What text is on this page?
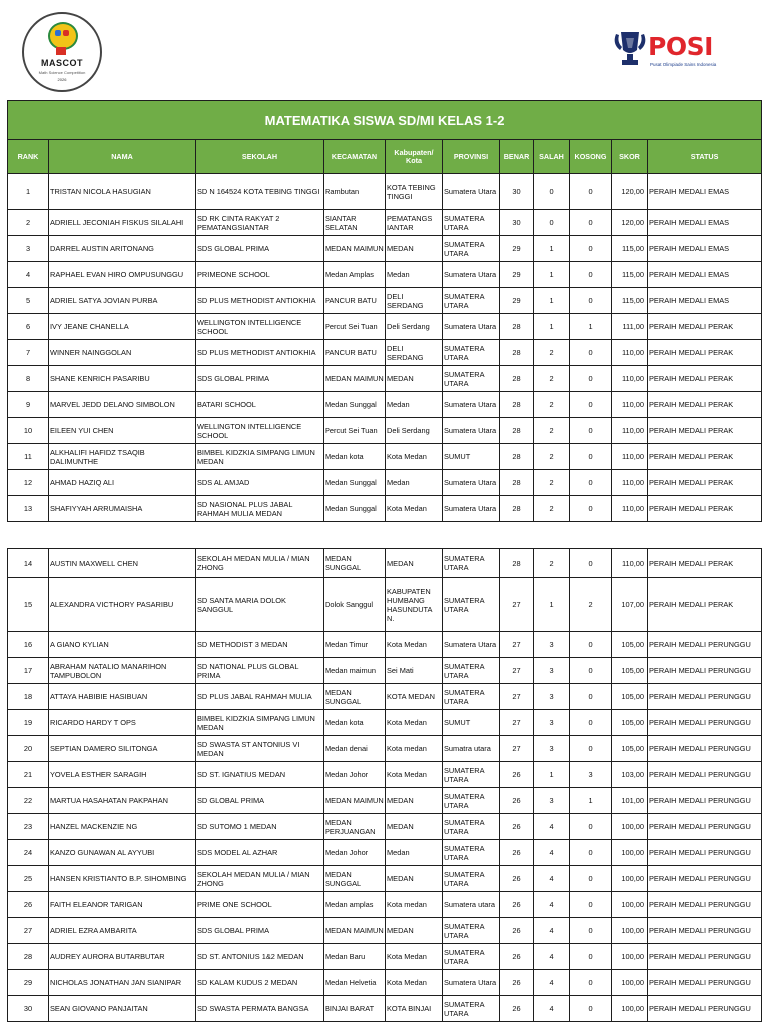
MASCOT
Math Science Competition
2026
POSI
Pusat Olimpiade Sains Indonesia
MATEMATIKA SISWA SD/MI KELAS 1-2										
RANK	NAMA	SEKOLAH	KECAMATAN	Kabupaten/ Kota	PROVINSI	BENAR	SALAH	KOSONG	SKOR	STATUS
1	TRISTAN NICOLA HASUGIAN	SD N 164524 KOTA TEBING TINGGI	Rambutan	KOTA TEBING TINGGI	Sumatera Utara	30	0	0	120,00	PERAIH MEDALI EMAS
2	ADRIELL JECONIAH FISKUS SILALAHI	SD RK CINTA RAKYAT 2 PEMATANGSIANTAR	SIANTAR SELATAN	PEMATANGS IANTAR	SUMATERA UTARA	30	0	0	120,00	PERAIH MEDALI EMAS
3	DARREL AUSTIN ARITONANG	SDS GLOBAL PRIMA	MEDAN MAIMUN	MEDAN	SUMATERA UTARA	29	1	0	115,00	PERAIH MEDALI EMAS
4	RAPHAEL EVAN HIRO OMPUSUNGGU	PRIMEONE SCHOOL	Medan Amplas	Medan	Sumatera Utara	29	1	0	115,00	PERAIH MEDALI EMAS
5	ADRIEL SATYA JOVIAN PURBA	SD PLUS METHODIST ANTIOKHIA	PANCUR BATU	DELI SERDANG	SUMATERA UTARA	29	1	0	115,00	PERAIH MEDALI EMAS
6	IVY JEANE CHANELLA	WELLINGTON INTELLIGENCE SCHOOL	Percut Sei Tuan	Deli Serdang	Sumatera Utara	28	1	1	111,00	PERAIH MEDALI PERAK
7	WINNER NAINGGOLAN	SD PLUS METHODIST ANTIOKHIA	PANCUR BATU	DELI SERDANG	SUMATERA UTARA	28	2	0	110,00	PERAIH MEDALI PERAK
8	SHANE KENRICH PASARIBU	SDS GLOBAL PRIMA	MEDAN MAIMUN	MEDAN	SUMATERA UTARA	28	2	0	110,00	PERAIH MEDALI PERAK
9	MARVEL JEDD DELANO SIMBOLON	BATARI SCHOOL	Medan Sunggal	Medan	Sumatera Utara	28	2	0	110,00	PERAIH MEDALI PERAK
10	EILEEN YUI CHEN	WELLINGTON INTELLIGENCE SCHOOL	Percut Sei Tuan	Deli Serdang	Sumatera Utara	28	2	0	110,00	PERAIH MEDALI PERAK
11	ALKHALIFI HAFIDZ TSAQIB DALIMUNTHE	BIMBEL KIDZKIA SIMPANG LIMUN MEDAN	Medan kota	Kota Medan	SUMUT	28	2	0	110,00	PERAIH MEDALI PERAK
12	AHMAD HAZIQ ALI	SDS AL AMJAD	Medan Sunggal	Medan	Sumatera Utara	28	2	0	110,00	PERAIH MEDALI PERAK
13	SHAFIYYAH ARRUMAISHA	SD NASIONAL PLUS JABAL RAHMAH MULIA MEDAN	Medan Sunggal	Kota Medan	Sumatera Utara	28	2	0	110,00	PERAIH MEDALI PERAK
14	AUSTIN MAXWELL CHEN	SEKOLAH MEDAN MULIA / MIAN ZHONG	MEDAN SUNGGAL	MEDAN	SUMATERA UTARA	28	2	0	110,00	PERAIH MEDALI PERAK
15	ALEXANDRA VICTHORY PASARIBU	SD SANTA MARIA DOLOK SANGGUL	Dolok Sanggul	KABUPATEN HUMBANG HASUNDUTA N.	SUMATERA UTARA	27	1	2	107,00	PERAIH MEDALI PERAK
16	A GIANO KYLIAN	SD METHODIST 3 MEDAN	Medan Timur	Kota Medan	Sumatera Utara	27	3	0	105,00	PERAIH MEDALI PERUNGGU
17	ABRAHAM NATALIO MANARIHON TAMPUBOLON	SD NATIONAL PLUS GLOBAL PRIMA	Medan maimun	Sei Mati	SUMATERA UTARA	27	3	0	105,00	PERAIH MEDALI PERUNGGU
18	ATTAYA HABIBIE HASIBUAN	SD PLUS JABAL RAHMAH MULIA	MEDAN SUNGGAL	KOTA MEDAN	SUMATERA UTARA	27	3	0	105,00	PERAIH MEDALI PERUNGGU
19	RICARDO HARDY T OPS	BIMBEL KIDZKIA SIMPANG LIMUN MEDAN	Medan kota	Kota Medan	SUMUT	27	3	0	105,00	PERAIH MEDALI PERUNGGU
20	SEPTIAN DAMERO SILITONGA	SD SWASTA ST ANTONIUS VI MEDAN	Medan denai	Kota medan	Sumatra utara	27	3	0	105,00	PERAIH MEDALI PERUNGGU
21	YOVELA ESTHER SARAGIH	SD ST. IGNATIUS MEDAN	Medan Johor	Kota Medan	SUMATERA UTARA	26	1	3	103,00	PERAIH MEDALI PERUNGGU
22	MARTUA HASAHATAN PAKPAHAN	SD GLOBAL PRIMA	MEDAN MAIMUN	MEDAN	SUMATERA UTARA	26	3	1	101,00	PERAIH MEDALI PERUNGGU
23	HANZEL MACKENZIE NG	SD SUTOMO 1 MEDAN	MEDAN PERJUANGAN	MEDAN	SUMATERA UTARA	26	4	0	100,00	PERAIH MEDALI PERUNGGU
24	KANZO GUNAWAN AL AYYUBI	SDS MODEL AL AZHAR	Medan Johor	Medan	SUMATERA UTARA	26	4	0	100,00	PERAIH MEDALI PERUNGGU
25	HANSEN KRISTIANTO B.P. SIHOMBING	SEKOLAH MEDAN MULIA / MIAN ZHONG	MEDAN SUNGGAL	MEDAN	SUMATERA UTARA	26	4	0	100,00	PERAIH MEDALI PERUNGGU
26	FAITH ELEANOR TARIGAN	PRIME ONE SCHOOL	Medan amplas	Kota medan	Sumatera utara	26	4	0	100,00	PERAIH MEDALI PERUNGGU
27	ADRIEL EZRA AMBARITA	SDS GLOBAL PRIMA	MEDAN MAIMUN	MEDAN	SUMATERA UTARA	26	4	0	100,00	PERAIH MEDALI PERUNGGU
28	AUDREY AURORA BUTARBUTAR	SD ST. ANTONIUS 1&2 MEDAN	Medan Baru	Kota Medan	SUMATERA UTARA	26	4	0	100,00	PERAIH MEDALI PERUNGGU
29	NICHOLAS JONATHAN JAN SIANIPAR	SD KALAM KUDUS 2 MEDAN	Medan Helvetia	Kota Medan	Sumatera Utara	26	4	0	100,00	PERAIH MEDALI PERUNGGU
30	SEAN GIOVANO PANJAITAN	SD SWASTA PERMATA BANGSA	BINJAI BARAT	KOTA BINJAI	SUMATERA UTARA	26	4	0	100,00	PERAIH MEDALI PERUNGGU
